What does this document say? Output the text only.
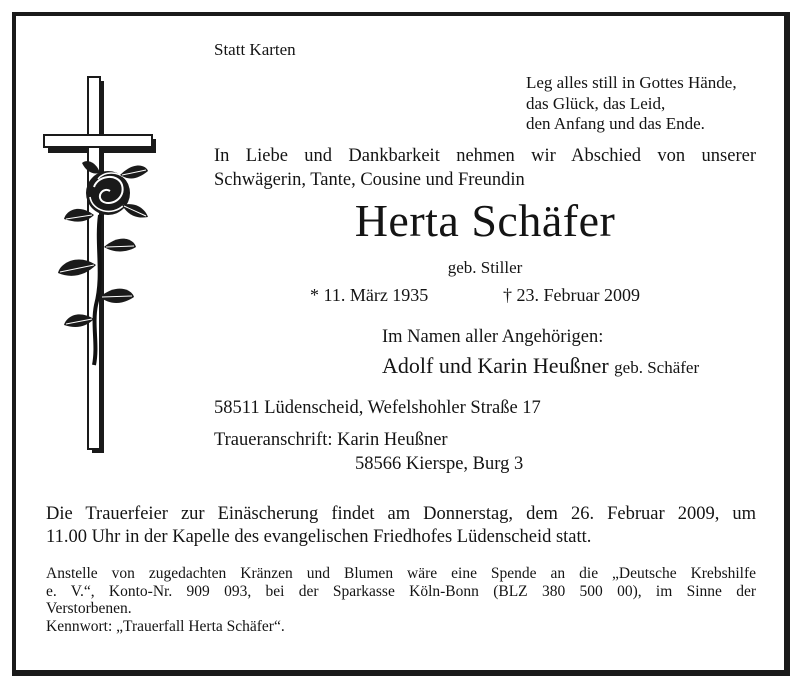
Statt Karten
Leg alles still in Gottes Hände,
das Glück, das Leid,
den Anfang und das Ende.
In Liebe und Dankbarkeit nehmen wir Abschied von unserer
Schwägerin, Tante, Cousine und Freundin
Herta Schäfer
geb. Stiller
* 11. März 1935	† 23. Februar 2009
Im Namen aller Angehörigen:
Adolf und Karin Heußner geb. Schäfer
58511 Lüdenscheid, Wefelshohler Straße 17
Traueranschrift: Karin Heußner
58566 Kierspe, Burg 3
Die Trauerfeier zur Einäscherung findet am Donnerstag, dem 26. Februar 2009, um
11.00 Uhr in der Kapelle des evangelischen Friedhofes Lüdenscheid statt.
Anstelle von zugedachten Kränzen und Blumen wäre eine Spende an die „Deutsche Krebshilfe
e. V.“, Konto-Nr. 909 093, bei der Sparkasse Köln-Bonn (BLZ 380 500 00), im Sinne der
Verstorbenen.
Kennwort: „Trauerfall Herta Schäfer“.
